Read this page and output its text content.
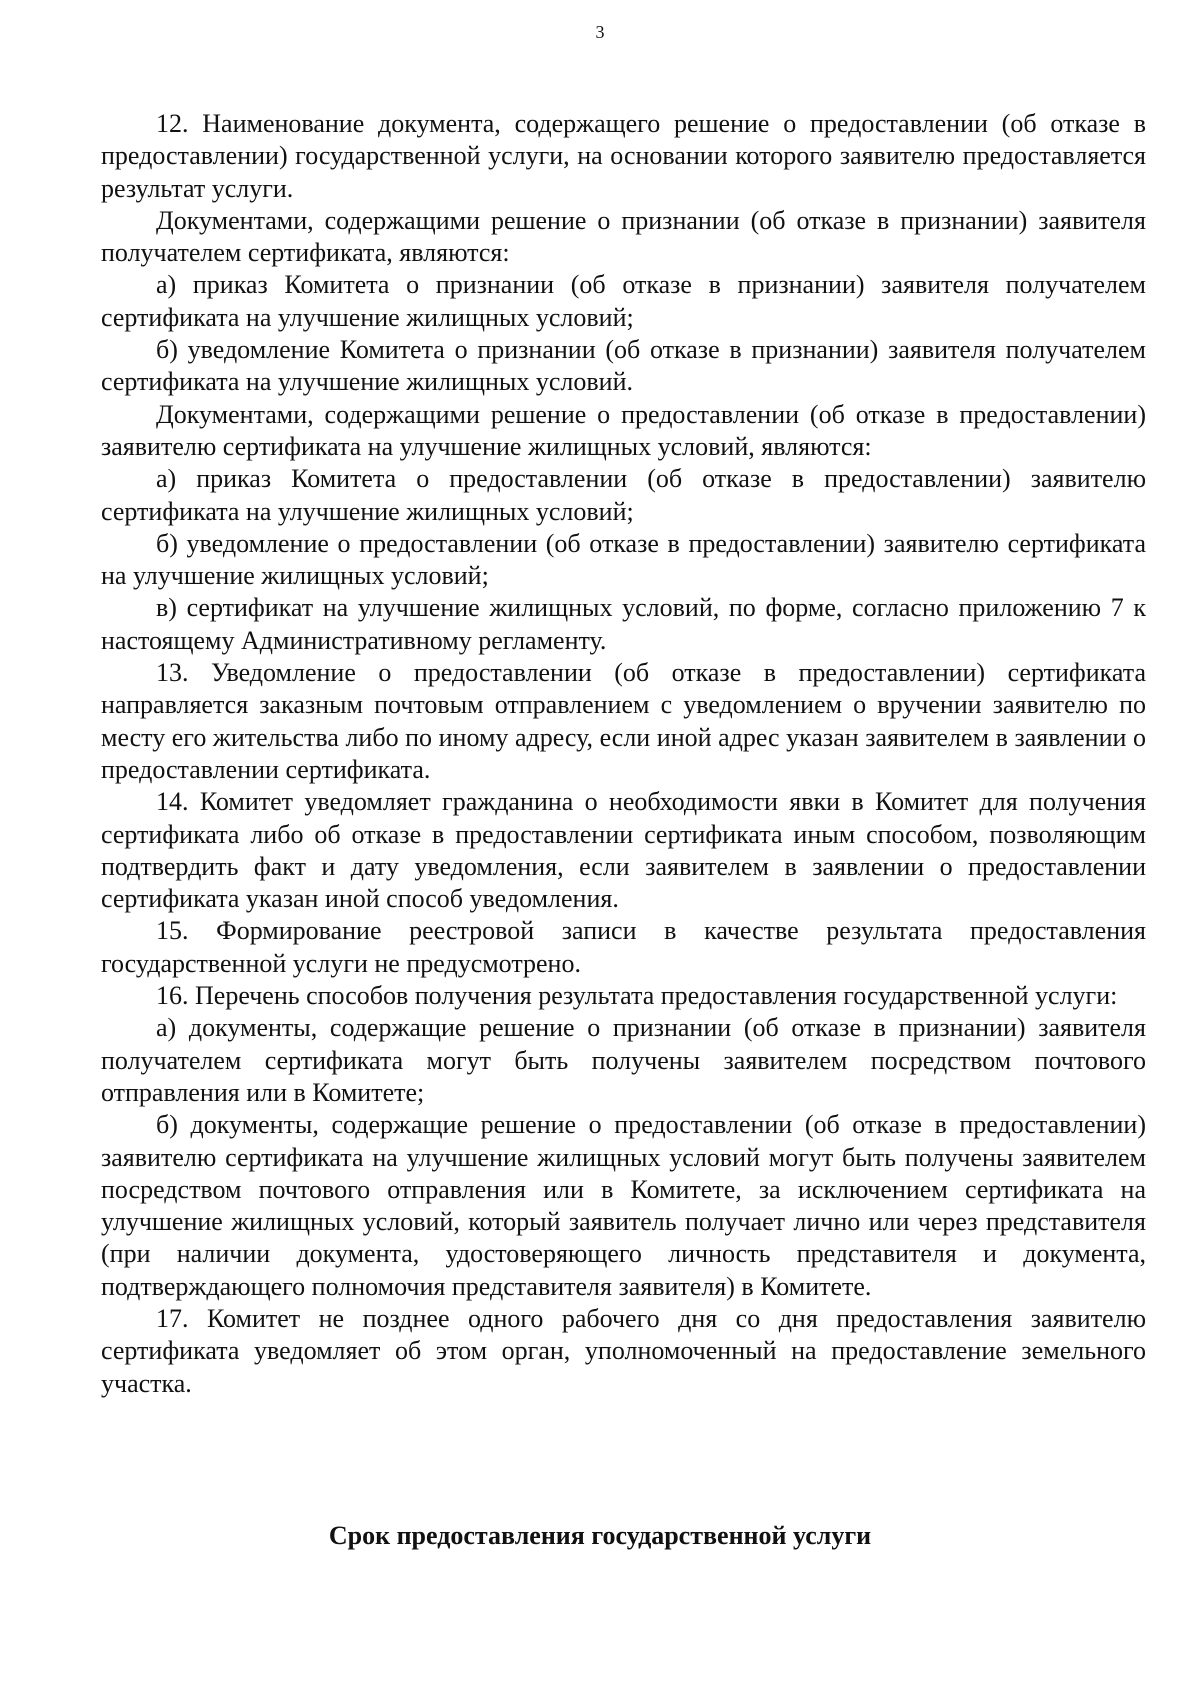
3

12. Наименование документа, содержащего решение о предоставлении (об отказе в предоставлении) государственной услуги, на основании которого заявителю предоставляется результат услуги.

Документами, содержащими решение о признании (об отказе в признании) заявителя получателем сертификата, являются:

а) приказ Комитета о признании (об отказе в признании) заявителя получателем сертификата на улучшение жилищных условий;

б) уведомление Комитета о признании (об отказе в признании) заявителя получателем сертификата на улучшение жилищных условий.

Документами, содержащими решение о предоставлении (об отказе в предоставлении) заявителю сертификата на улучшение жилищных условий, являются:

а) приказ Комитета о предоставлении (об отказе в предоставлении) заявителю сертификата на улучшение жилищных условий;

б) уведомление о предоставлении (об отказе в предоставлении) заявителю сертификата на улучшение жилищных условий;

в) сертификат на улучшение жилищных условий, по форме, согласно приложению 7 к настоящему Административному регламенту.

13. Уведомление о предоставлении (об отказе в предоставлении) сертификата направляется заказным почтовым отправлением с уведомлением о вручении заявителю по месту его жительства либо по иному адресу, если иной адрес указан заявителем в заявлении о предоставлении сертификата.

14. Комитет уведомляет гражданина о необходимости явки в Комитет для получения сертификата либо об отказе в предоставлении сертификата иным способом, позволяющим подтвердить факт и дату уведомления, если заявителем в заявлении о предоставлении сертификата указан иной способ уведомления.

15. Формирование реестровой записи в качестве результата предоставления государственной услуги не предусмотрено.

16. Перечень способов получения результата предоставления государственной услуги:

а) документы, содержащие решение о признании (об отказе в признании) заявителя получателем сертификата могут быть получены заявителем посредством почтового отправления или в Комитете;

б) документы, содержащие решение о предоставлении (об отказе в предоставлении) заявителю сертификата на улучшение жилищных условий могут быть получены заявителем посредством почтового отправления или в Комитете, за исключением сертификата на улучшение жилищных условий, который заявитель получает лично или через представителя (при наличии документа, удостоверяющего личность представителя и документа, подтверждающего полномочия представителя заявителя) в Комитете.

17. Комитет не позднее одного рабочего дня со дня предоставления заявителю сертификата уведомляет об этом орган, уполномоченный на предоставление земельного участка.

Срок предоставления государственной услуги
